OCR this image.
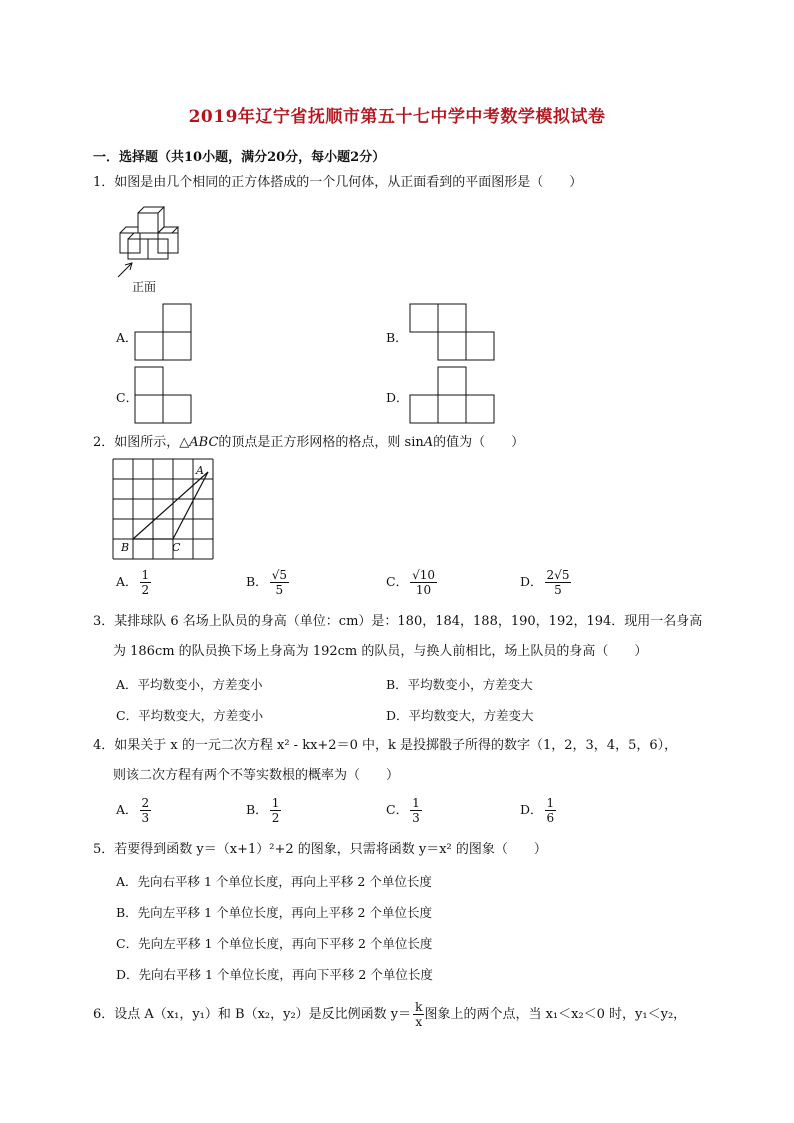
2019年辽宁省抚顺市第五十七中学中考数学模拟试卷
一．选择题（共10小题，满分20分，每小题2分）
1．如图是由几个相同的正方体搭成的一个几何体，从正面看到的平面图形是（　　）
正面
A．	B．
C．	D．
2．如图所示，△ABC的顶点是正方形网格的格点，则 sinA的值为（　　）
A
B	C
A． $\frac{1}{2}$	B． $\frac{√5}{5}$	C． $\frac{√10}{10}$	D． $\frac{2√5}{5}$
3．某排球队 6 名场上队员的身高（单位：cm）是：180，184，188，190，192，194．现用一名身高
为 186cm 的队员换下场上身高为 192cm 的队员，与换人前相比，场上队员的身高（　　）
A．平均数变小，方差变小	B．平均数变小，方差变大
C．平均数变大，方差变小	D．平均数变大，方差变大
4．如果关于 x 的一元二次方程 x² - kx+2＝0 中，k 是投掷骰子所得的数字（1，2，3，4，5，6），
则该二次方程有两个不等实数根的概率为（　　）
A． $\frac{2}{3}$	B． $\frac{1}{2}$	C． $\frac{1}{3}$	D． $\frac{1}{6}$
5．若要得到函数 y＝（x+1）²+2 的图象，只需将函数 y＝x² 的图象（　　）
A．先向右平移 1 个单位长度，再向上平移 2 个单位长度
B．先向左平移 1 个单位长度，再向上平移 2 个单位长度
C．先向左平移 1 个单位长度，再向下平移 2 个单位长度
D．先向右平移 1 个单位长度，再向下平移 2 个单位长度
6．设点 A（x₁，y₁）和 B（x₂，y₂）是反比例函数 $y= \frac{k}{x}$ 图象上的两个点，当 x₁＜x₂＜0 时，y₁＜y₂，
